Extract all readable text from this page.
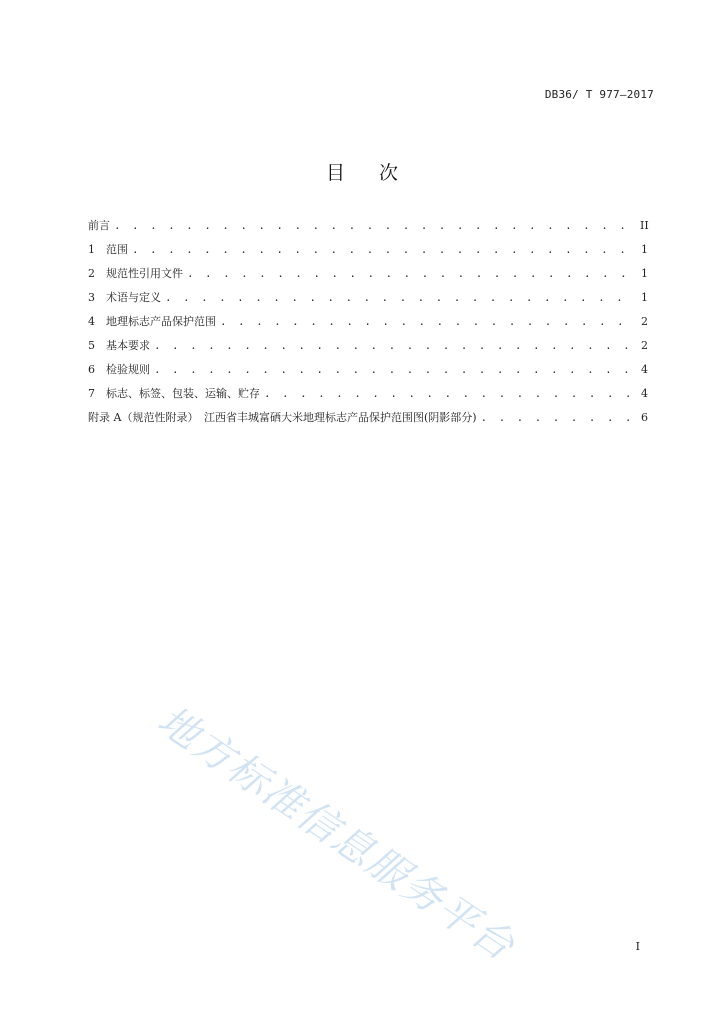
DB36/ T 977—2017
目 次
前言 . . .	II
1	范围 . . .	1
2	规范性引用文件 . . .	1
3	术语与定义 . . .	1
4	地理标志产品保护范围 . . .	2
5	基本要求 . . .	2
6	检验规则 . . .	4
7	标志、标签、包装、运输、贮存 . . .	4
附录 A（规范性附录）　江西省丰城富硒大米地理标志产品保护范围图(阴影部分) . . .	6
地方标准信息服务平台	I
